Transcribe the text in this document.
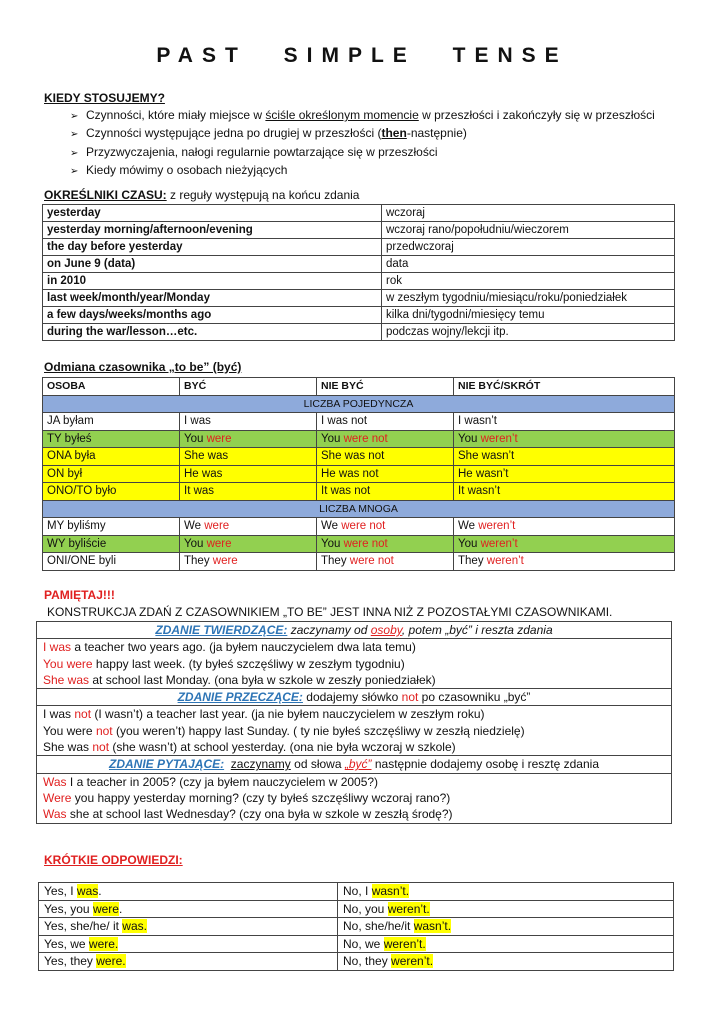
PAST SIMPLE TENSE
KIEDY STOSUJEMY?
➢ Czynności, które miały miejsce w ściśle określonym momencie w przeszłości i zakończyły się w przeszłości
➢ Czynności występujące jedna po drugiej w przeszłości (then-następnie)
➢ Przyzwyczajenia, nałogi regularnie powtarzające się w przeszłości
➢ Kiedy mówimy o osobach nieżyjących
OKREŚLNIKI CZASU: z reguły występują na końcu zdania
yesterday	wczoraj
yesterday morning/afternoon/evening	wczoraj rano/popołudniu/wieczorem
the day before yesterday	przedwczoraj
on June 9 (data)	data
in 2010	rok
last week/month/year/Monday	w zeszłym tygodniu/miesiącu/roku/poniedziałek
a few days/weeks/months ago	kilka dni/tygodni/miesięcy temu
during the war/lesson…etc.	podczas wojny/lekcji itp.
Odmiana czasownika „to be” (być)
OSOBA	BYĆ	NIE BYĆ	NIE BYĆ/SKRÓT
LICZBA POJEDYNCZA			
JA byłam	I was	I was not	I wasn’t
TY byłeś	You were	You were not	You weren’t
ONA była	She was	She was not	She wasn’t
ON był	He was	He was not	He wasn’t
ONO/TO było	It was	It was not	It wasn’t
LICZBA MNOGA			
MY byliśmy	We were	We were not	We weren’t
WY byliście	You were	You were not	You weren’t
ONI/ONE byli	They were	They were not	They weren’t
PAMIĘTAJ!!!
KONSTRUKCJA ZDAŃ Z CZASOWNIKIEM „TO BE” JEST INNA NIŻ Z POZOSTAŁYMI CZASOWNIKAMI.
ZDANIE TWIERDZĄCE: zaczynamy od osoby, potem „być” i reszta zdania

I was a teacher two years ago. (ja byłem nauczycielem dwa lata temu)
You were happy last week. (ty byłeś szczęśliwy w zeszłym tygodniu)
She was at school last Monday. (ona była w szkole w zeszły poniedziałek)

ZDANIE PRZECZĄCE: dodajemy słówko not po czasowniku „być”

I was not (I wasn’t) a teacher last year. (ja nie byłem nauczycielem w zeszłym roku)
You were not (you weren’t) happy last Sunday. ( ty nie byłeś szczęśliwy w zeszłą niedzielę)
She was not (she wasn’t) at school yesterday. (ona nie była wczoraj w szkole)

ZDANIE PYTAJĄCE: zaczynamy od słowa „być” następnie dodajemy osobę i resztę zdania

Was I a teacher in 2005? (czy ja byłem nauczycielem w 2005?)
Were you happy yesterday morning? (czy ty byłeś szczęśliwy wczoraj rano?)
Was she at school last Wednesday? (czy ona była w szkole w zeszłą środę?)
KRÓTKIE ODPOWIEDZI:
Yes, I was.	No, I wasn’t.
Yes, you were.	No, you weren’t.
Yes, she/he/ it was.	No, she/he/it wasn’t.
Yes, we were.	No, we weren’t.
Yes, they were.	No, they weren’t.
